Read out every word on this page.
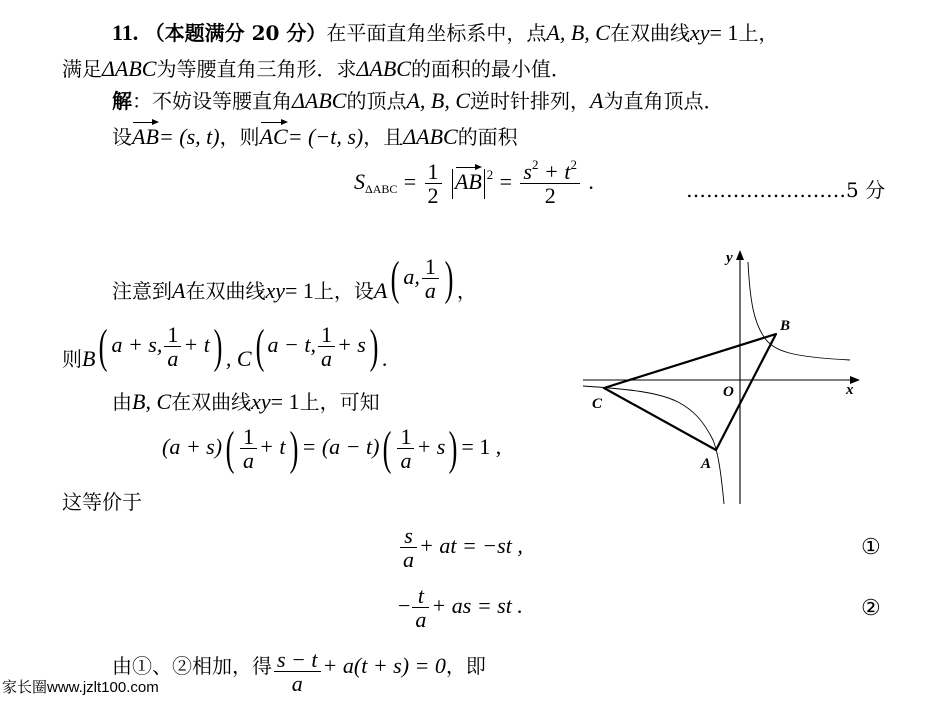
11. （本题满分 20 分）在平面直角坐标系中，点A, B, C在双曲线xy= 1上，
满足ΔABC为等腰直角三角形．求ΔABC的面积的最小值．
解：不妨设等腰直角ΔABC的顶点A, B, C逆时针排列，A为直角顶点．
设AB= (s, t)，则AC= (−t, s)，且ΔABC的面积
$S_{\Delta ABC} = \frac{1}{2}$ AB $^2 = \frac{s^2 + t^2}{2}$ .	……………………5 分
注意到A在双曲线xy= 1上，设A( a, $\frac{1}{a}$ ) ，
则B( a + s, $\frac{1}{a} + t$) , C( a − t, $\frac{1}{a} + s$) .
由B, C在双曲线xy= 1上，可知
$(a + s)( \frac{1}{a} + t) = (a - t)( \frac{1}{a} + s) = 1$ ,
这等价于
$\frac{s}{a}$ + at = −st ,	①
− $\frac{t}{a}$ + as = st .	②
由①、②相加，得 $\frac{s - t}{a} + a(t + s) = 0$，即
家长圈www.jzlt100.com
y
x
O
B
C
A
